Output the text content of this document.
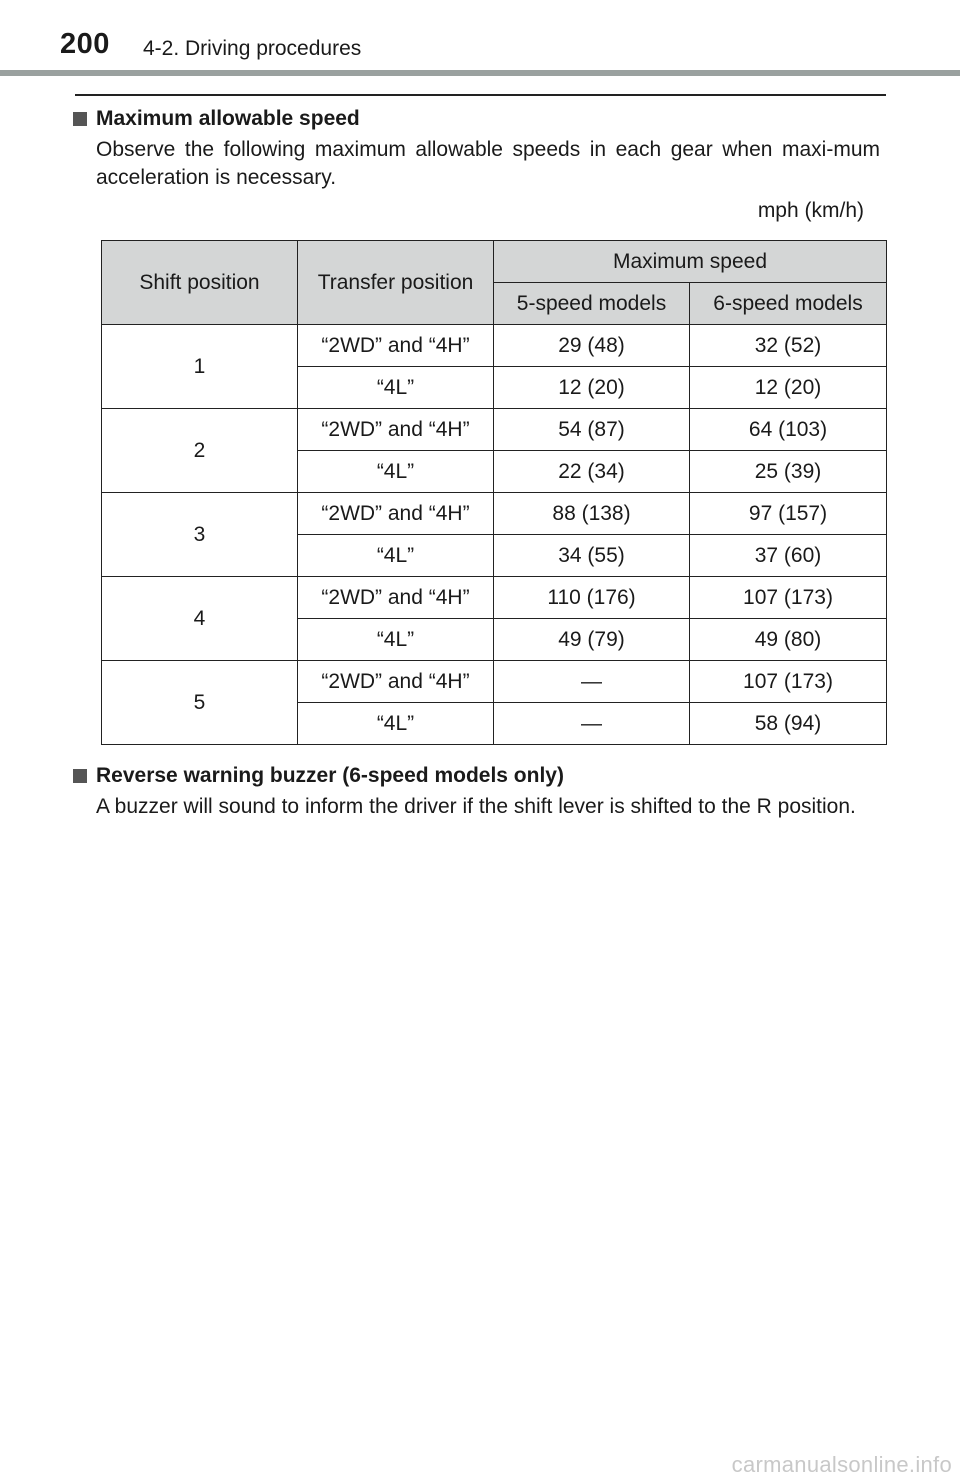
200 4-2. Driving procedures
Maximum allowable speed
Observe the following maximum allowable speeds in each gear when maxi-mum acceleration is necessary.
mph (km/h)
Shift position	Transfer position	Maximum speed	
		5-speed models	6-speed models
1	“2WD” and “4H”	29 (48)	32 (52)
	“4L”	12 (20)	12 (20)
2	“2WD” and “4H”	54 (87)	64 (103)
	“4L”	22 (34)	25 (39)
3	“2WD” and “4H”	88 (138)	97 (157)
	“4L”	34 (55)	37 (60)
4	“2WD” and “4H”	110 (176)	107 (173)
	“4L”	49 (79)	49 (80)
5	“2WD” and “4H”	—	107 (173)
	“4L”	—	58 (94)
Reverse warning buzzer (6-speed models only)
A buzzer will sound to inform the driver if the shift lever is shifted to the R position.
carmanualsonline.info
